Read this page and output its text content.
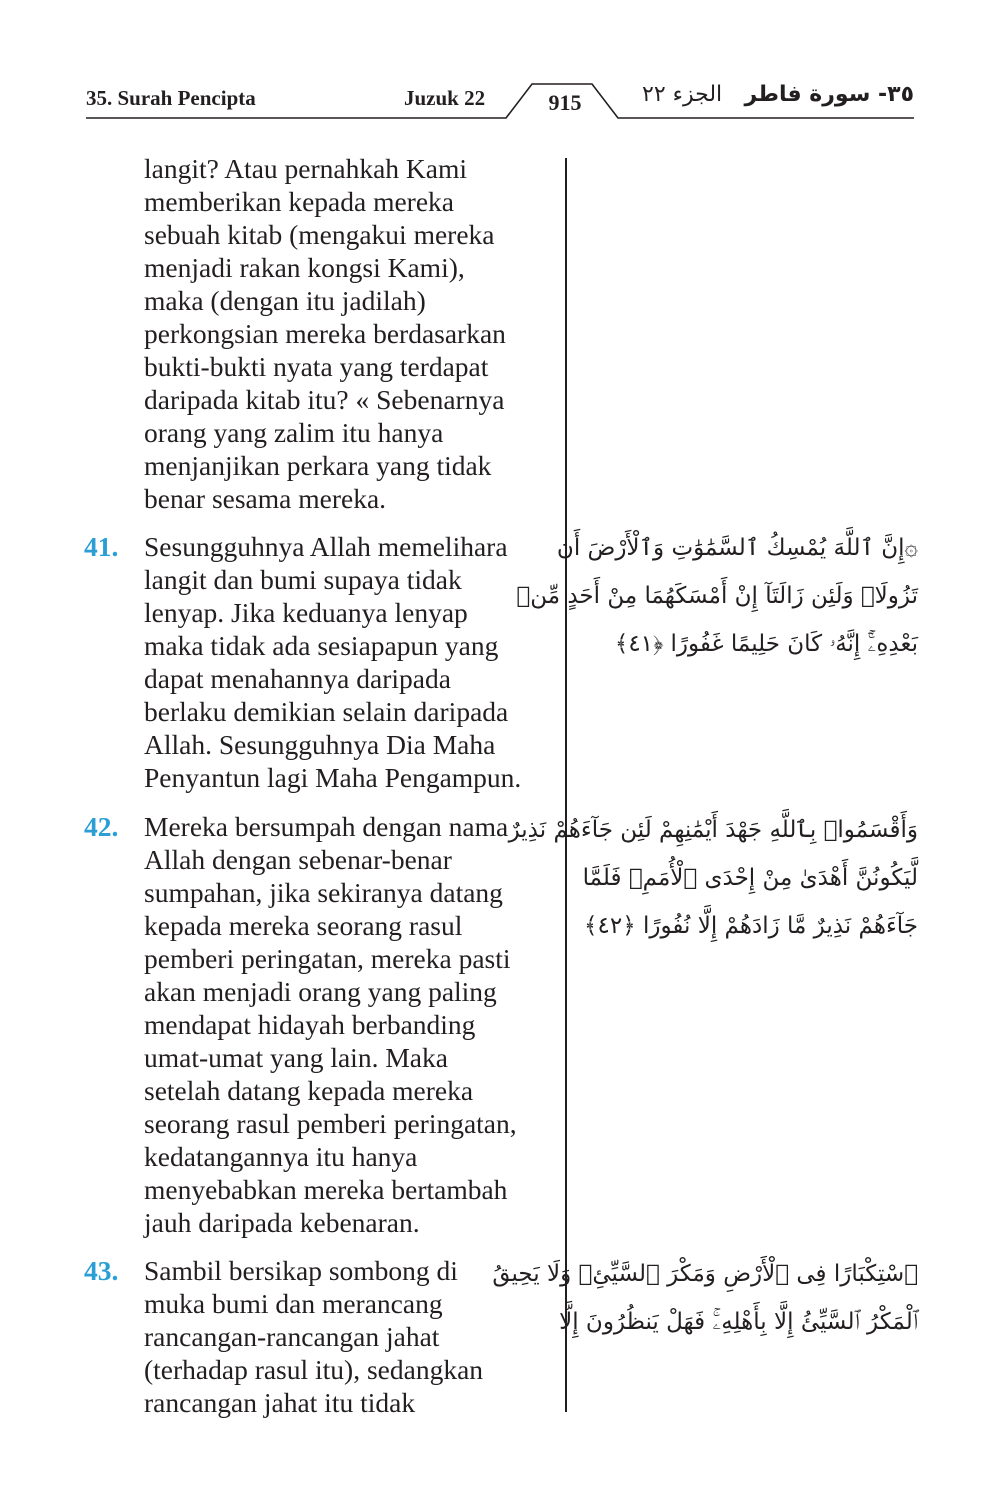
35. Surah Pencipta	Juzuk 22	915	الجزء ٢٢ ٣٥- سورة فاطر
langit? Atau pernahkah Kami
memberikan kepada mereka
sebuah kitab (mengakui mereka
menjadi rakan kongsi Kami),
maka (dengan itu jadilah)
perkongsian mereka berdasarkan
bukti-bukti nyata yang terdapat
daripada kitab itu? « Sebenarnya
orang yang zalim itu hanya
menjanjikan perkara yang tidak
benar sesama mereka.
41. Sesungguhnya Allah memelihara
langit dan bumi supaya tidak
lenyap. Jika keduanya lenyap
maka tidak ada sesiapapun yang
dapat menahannya daripada
berlaku demikian selain daripada
Allah. Sesungguhnya Dia Maha
Penyantun lagi Maha Pengampun.
۞إِنَّ ٱللَّهَ يُمْسِكُ ٱلسَّمَٰوَٰتِ وَٱلْأَرْضَ أَن
تَزُولَاۚ وَلَئِن زَالَتَآ إِنْ أَمْسَكَهُمَا مِنْ أَحَدٍ مِّنۢ
بَعْدِهِۦٓۚ إِنَّهُۥ كَانَ حَلِيمًا غَفُورًا ﴿٤١﴾
42. Mereka bersumpah dengan nama
Allah dengan sebenar-benar
sumpahan, jika sekiranya datang
kepada mereka seorang rasul
pemberi peringatan, mereka pasti
akan menjadi orang yang paling
mendapat hidayah berbanding
umat-umat yang lain. Maka
setelah datang kepada mereka
seorang rasul pemberi peringatan,
kedatangannya itu hanya
menyebabkan mereka bertambah
jauh daripada kebenaran.
وَأَقْسَمُوا۟ بِٱللَّهِ جَهْدَ أَيْمَٰنِهِمْ لَئِن جَآءَهُمْ نَذِيرٌ
لَّيَكُونُنَّ أَهْدَىٰ مِنْ إِحْدَى ٱلْأُمَمِۖ فَلَمَّا
جَآءَهُمْ نَذِيرٌ مَّا زَادَهُمْ إِلَّا نُفُورًا ﴿٤٢﴾
43. Sambil bersikap sombong di
muka bumi dan merancang
rancangan-rancangan jahat
(terhadap rasul itu), sedangkan
rancangan jahat itu tidak
ٱسْتِكْبَارًا فِى ٱلْأَرْضِ وَمَكْرَ ٱلسَّيِّئِۚ وَلَا يَحِيقُ
ٱلْمَكْرُ ٱلسَّيِّئُ إِلَّا بِأَهْلِهِۦۚ فَهَلْ يَنظُرُونَ إِلَّا
